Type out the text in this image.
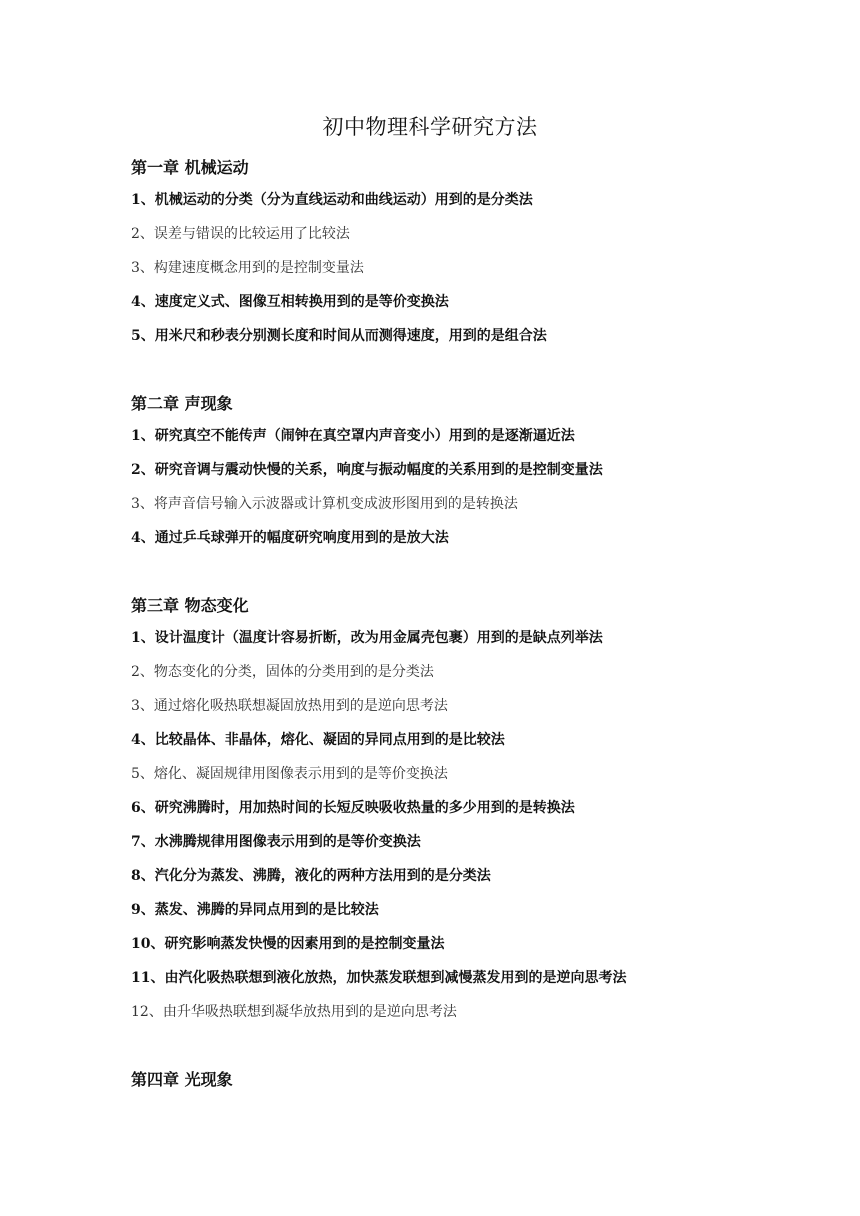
初中物理科学研究方法
第一章 机械运动
1、机械运动的分类（分为直线运动和曲线运动）用到的是分类法
2、误差与错误的比较运用了比较法
3、构建速度概念用到的是控制变量法
4、速度定义式、图像互相转换用到的是等价变换法
5、用米尺和秒表分别测长度和时间从而测得速度，用到的是组合法
第二章 声现象
1、研究真空不能传声（闹钟在真空罩内声音变小）用到的是逐渐逼近法
2、研究音调与震动快慢的关系，响度与振动幅度的关系用到的是控制变量法
3、将声音信号输入示波器或计算机变成波形图用到的是转换法
4、通过乒乓球弹开的幅度研究响度用到的是放大法
第三章 物态变化
1、设计温度计（温度计容易折断，改为用金属壳包裹）用到的是缺点列举法
2、物态变化的分类，固体的分类用到的是分类法
3、通过熔化吸热联想凝固放热用到的是逆向思考法
4、比较晶体、非晶体，熔化、凝固的异同点用到的是比较法
5、熔化、凝固规律用图像表示用到的是等价变换法
6、研究沸腾时，用加热时间的长短反映吸收热量的多少用到的是转换法
7、水沸腾规律用图像表示用到的是等价变换法
8、汽化分为蒸发、沸腾，液化的两种方法用到的是分类法
9、蒸发、沸腾的异同点用到的是比较法
10、研究影响蒸发快慢的因素用到的是控制变量法
11、由汽化吸热联想到液化放热，加快蒸发联想到减慢蒸发用到的是逆向思考法
12、由升华吸热联想到凝华放热用到的是逆向思考法
第四章 光现象
